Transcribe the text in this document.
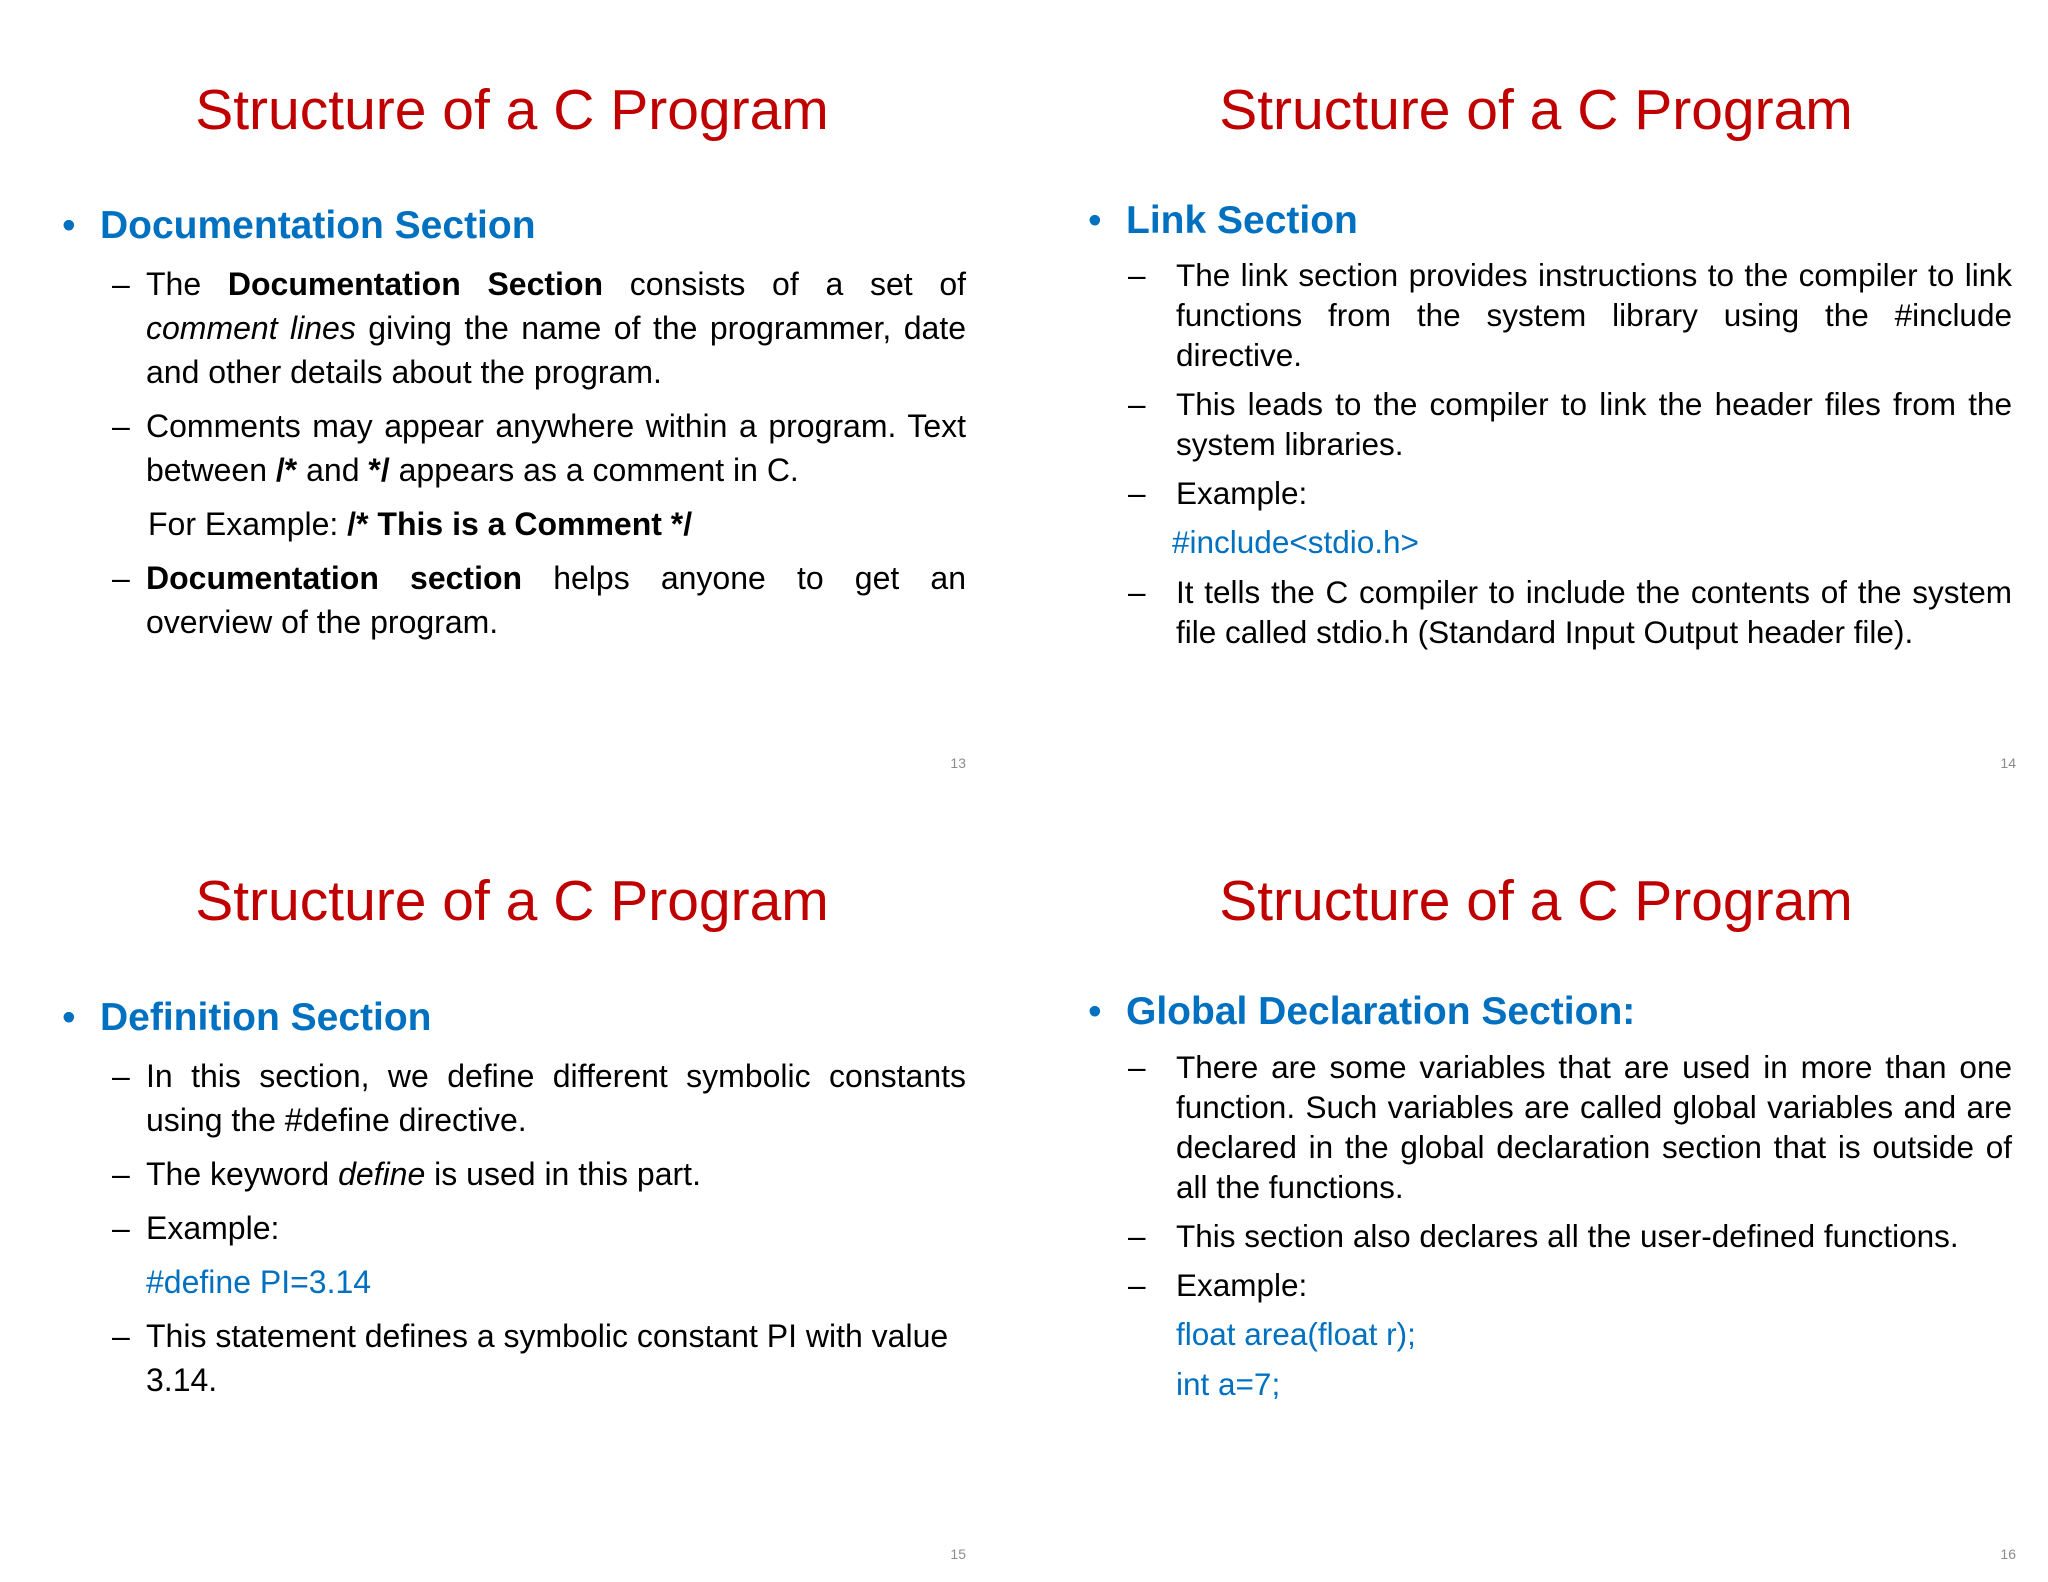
Structure of a C Program
• Documentation Section
– The Documentation Section consists of a set of comment lines giving the name of the programmer, date and other details about the program.
– Comments may appear anywhere within a program. Text between /* and */ appears as a comment in C.
For Example: /* This is a Comment */
– Documentation section helps anyone to get an overview of the program.
13
Structure of a C Program
• Link Section
– The link section provides instructions to the compiler to link functions from the system library using the #include directive.
– This leads to the compiler to link the header files from the system libraries.
– Example:
#include<stdio.h>
– It tells the C compiler to include the contents of the system file called stdio.h (Standard Input Output header file).
14
Structure of a C Program
• Definition Section
– In this section, we define different symbolic constants using the #define directive.
– The keyword define is used in this part.
– Example:
#define PI=3.14
– This statement defines a symbolic constant PI with value 3.14.
15
Structure of a C Program
• Global Declaration Section:
– There are some variables that are used in more than one function. Such variables are called global variables and are declared in the global declaration section that is outside of all the functions.
– This section also declares all the user-defined functions.
– Example:
float area(float r);
int a=7;
16
